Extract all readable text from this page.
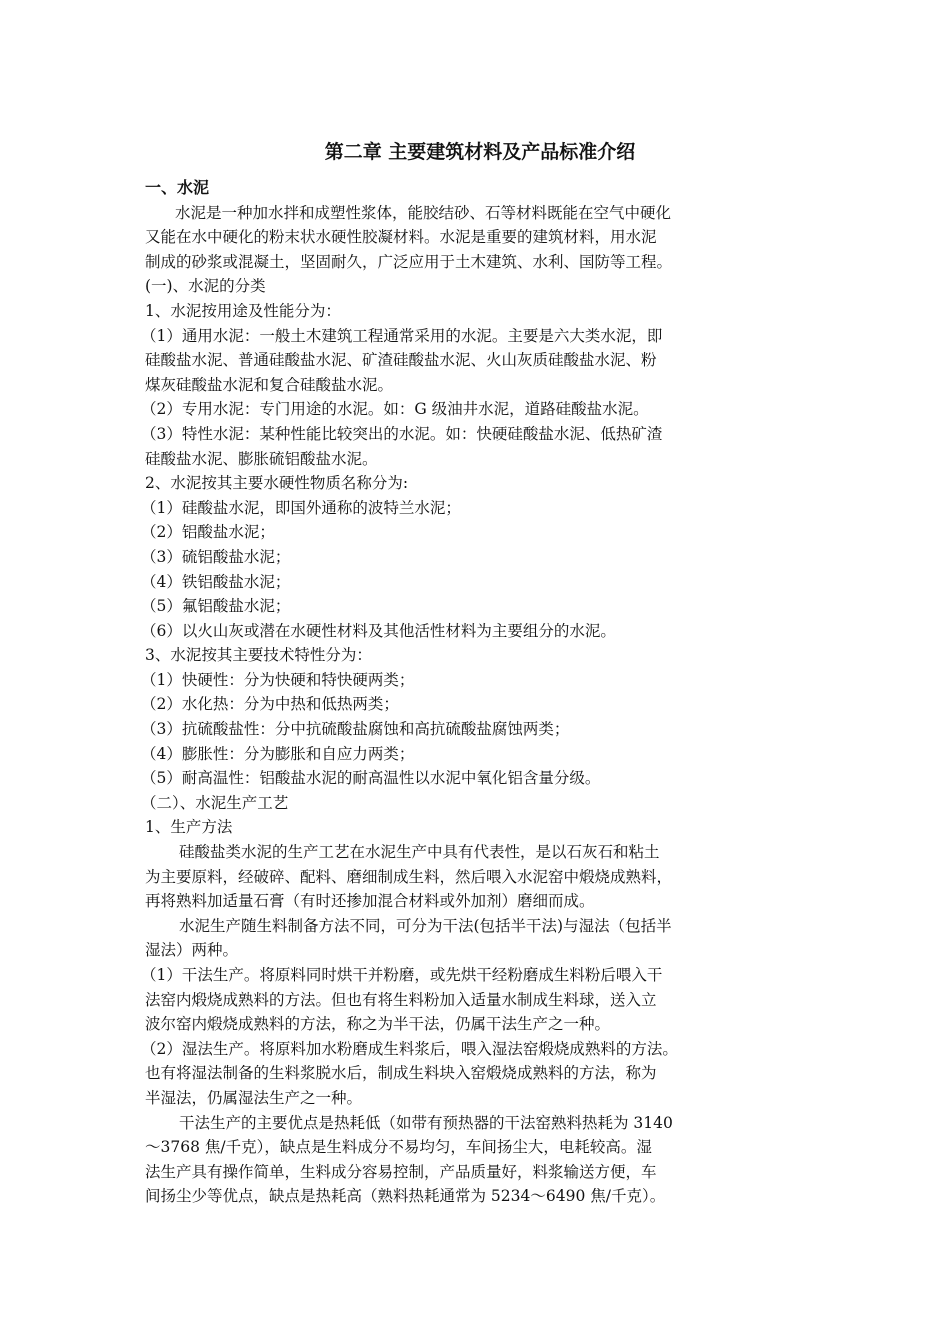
第二章 主要建筑材料及产品标准介绍
一、水泥
水泥是一种加水拌和成塑性浆体，能胶结砂、石等材料既能在空气中硬化
又能在水中硬化的粉末状水硬性胶凝材料。水泥是重要的建筑材料，用水泥
制成的砂浆或混凝土，坚固耐久，广泛应用于土木建筑、水利、国防等工程。
(一)、水泥的分类
1、水泥按用途及性能分为：
（1）通用水泥：一般土木建筑工程通常采用的水泥。主要是六大类水泥，即
硅酸盐水泥、普通硅酸盐水泥、矿渣硅酸盐水泥、火山灰质硅酸盐水泥、粉
煤灰硅酸盐水泥和复合硅酸盐水泥。
（2）专用水泥：专门用途的水泥。如：G 级油井水泥，道路硅酸盐水泥。
（3）特性水泥：某种性能比较突出的水泥。如：快硬硅酸盐水泥、低热矿渣
硅酸盐水泥、膨胀硫铝酸盐水泥。
2、水泥按其主要水硬性物质名称分为:
（1）硅酸盐水泥，即国外通称的波特兰水泥；
（2）铝酸盐水泥；
（3）硫铝酸盐水泥；
（4）铁铝酸盐水泥；
（5）氟铝酸盐水泥；
（6）以火山灰或潜在水硬性材料及其他活性材料为主要组分的水泥。
3、水泥按其主要技术特性分为：
（1）快硬性：分为快硬和特快硬两类；
（2）水化热：分为中热和低热两类；
（3）抗硫酸盐性：分中抗硫酸盐腐蚀和高抗硫酸盐腐蚀两类；
（4）膨胀性：分为膨胀和自应力两类；
（5）耐高温性：铝酸盐水泥的耐高温性以水泥中氧化铝含量分级。
（二）、水泥生产工艺
1、生产方法
硅酸盐类水泥的生产工艺在水泥生产中具有代表性，是以石灰石和粘土
为主要原料，经破碎、配料、磨细制成生料，然后喂入水泥窑中煅烧成熟料，
再将熟料加适量石膏（有时还掺加混合材料或外加剂）磨细而成。
水泥生产随生料制备方法不同，可分为干法(包括半干法)与湿法（包括半
湿法）两种。
（1）干法生产。将原料同时烘干并粉磨，或先烘干经粉磨成生料粉后喂入干
法窑内煅烧成熟料的方法。但也有将生料粉加入适量水制成生料球，送入立
波尔窑内煅烧成熟料的方法，称之为半干法，仍属干法生产之一种。
（2）湿法生产。将原料加水粉磨成生料浆后，喂入湿法窑煅烧成熟料的方法。
也有将湿法制备的生料浆脱水后，制成生料块入窑煅烧成熟料的方法，称为
半湿法，仍属湿法生产之一种。
干法生产的主要优点是热耗低（如带有预热器的干法窑熟料热耗为 3140
～3768 焦/千克），缺点是生料成分不易均匀，车间扬尘大，电耗较高。湿
法生产具有操作简单，生料成分容易控制，产品质量好，料浆输送方便，车
间扬尘少等优点，缺点是热耗高（熟料热耗通常为 5234～6490 焦/千克）。
